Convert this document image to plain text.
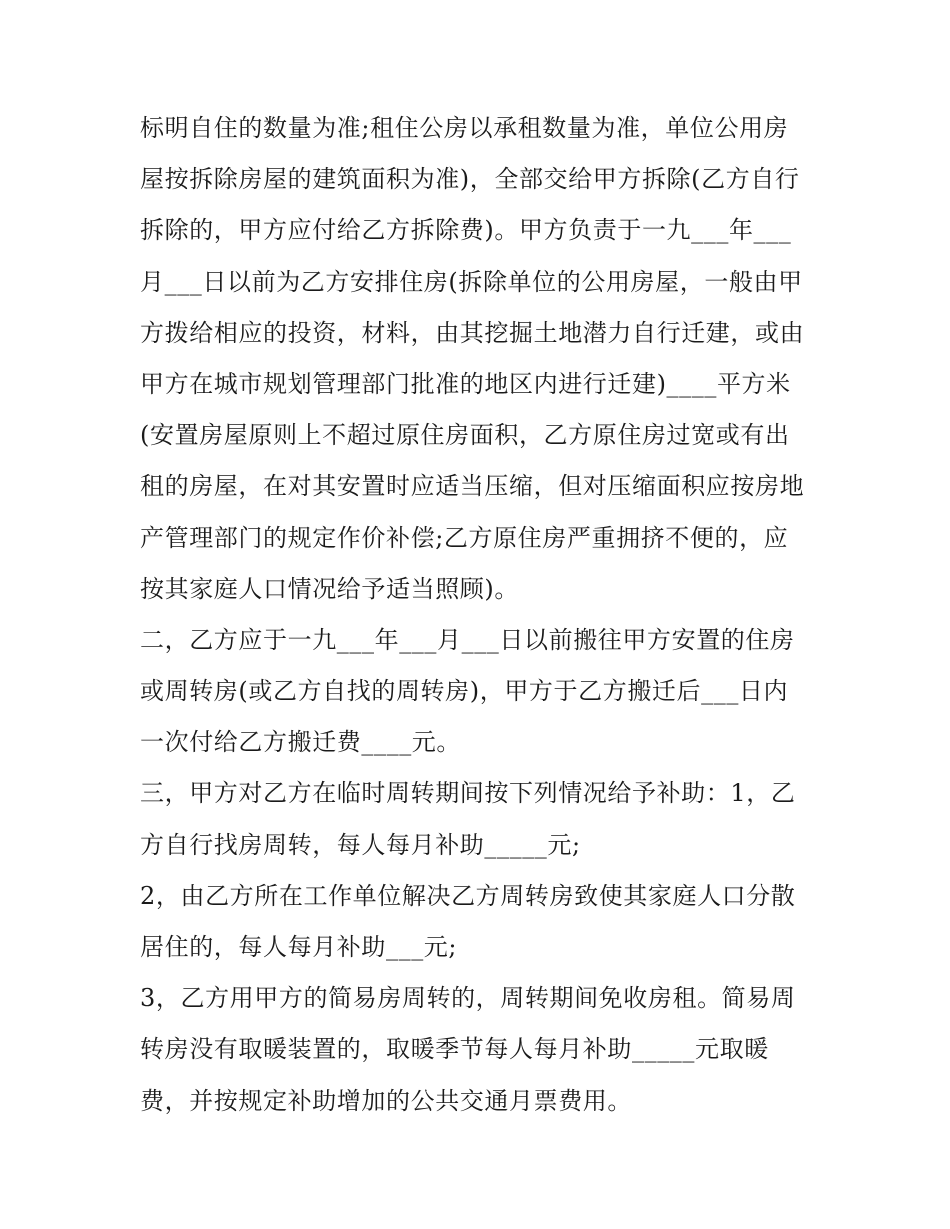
标明自住的数量为准;租住公房以承租数量为准，单位公用房
屋按拆除房屋的建筑面积为准)，全部交给甲方拆除(乙方自行
拆除的，甲方应付给乙方拆除费)。甲方负责于一九___年___
月___日以前为乙方安排住房(拆除单位的公用房屋，一般由甲
方拨给相应的投资，材料，由其挖掘土地潜力自行迁建，或由
甲方在城市规划管理部门批准的地区内进行迁建)____平方米
(安置房屋原则上不超过原住房面积，乙方原住房过宽或有出
租的房屋，在对其安置时应适当压缩，但对压缩面积应按房地
产管理部门的规定作价补偿;乙方原住房严重拥挤不便的，应
按其家庭人口情况给予适当照顾)。
二，乙方应于一九___年___月___日以前搬往甲方安置的住房
或周转房(或乙方自找的周转房)，甲方于乙方搬迁后___日内
一次付给乙方搬迁费____元。
三，甲方对乙方在临时周转期间按下列情况给予补助：1，乙
方自行找房周转，每人每月补助_____元;
2，由乙方所在工作单位解决乙方周转房致使其家庭人口分散
居住的，每人每月补助___元;
3，乙方用甲方的简易房周转的，周转期间免收房租。简易周
转房没有取暖装置的，取暖季节每人每月补助_____元取暖
费，并按规定补助增加的公共交通月票费用。
